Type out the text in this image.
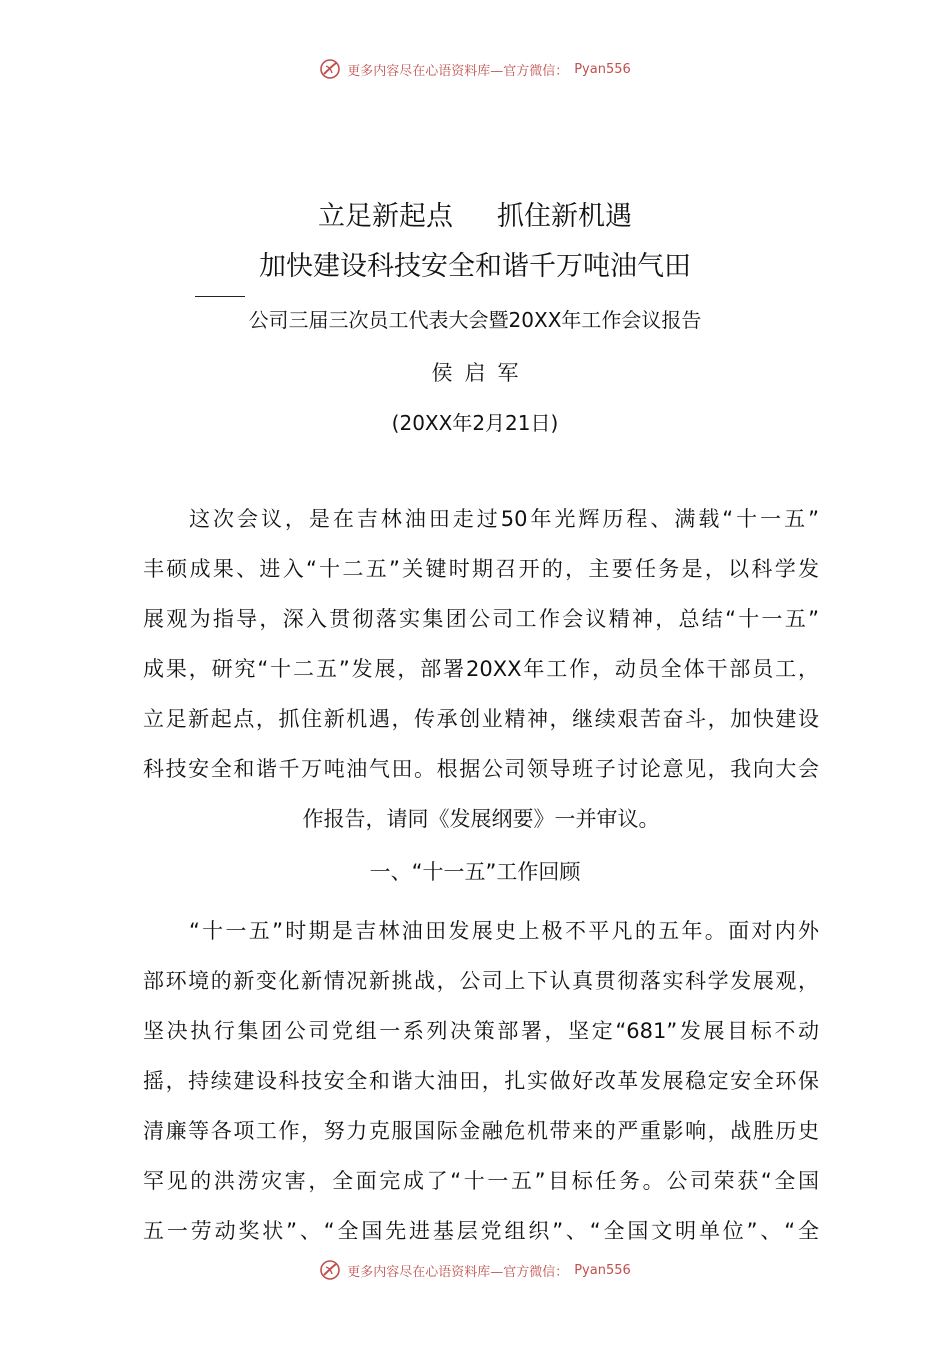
更多内容尽在心语资料库—官方微信： Pyan556
立足新起点 抓住新机遇
加快建设科技安全和谐千万吨油气田
公司三届三次员工代表大会暨20XX年工作会议报告
侯启军
(20XX年2月21日)
这次会议，是在吉林油田走过50年光辉历程、满载“十一五”
丰硕成果、进入“十二五”关键时期召开的，主要任务是，以科学发
展观为指导，深入贯彻落实集团公司工作会议精神，总结“十一五”
成果，研究“十二五”发展，部署20XX年工作，动员全体干部员工，
立足新起点，抓住新机遇，传承创业精神，继续艰苦奋斗，加快建设
科技安全和谐千万吨油气田。根据公司领导班子讨论意见，我向大会
作报告，请同《发展纲要》一并审议。
一、“十一五”工作回顾
“十一五”时期是吉林油田发展史上极不平凡的五年。面对内外
部环境的新变化新情况新挑战，公司上下认真贯彻落实科学发展观，
坚决执行集团公司党组一系列决策部署，坚定“681”发展目标不动
摇，持续建设科技安全和谐大油田，扎实做好改革发展稳定安全环保
清廉等各项工作，努力克服国际金融危机带来的严重影响，战胜历史
罕见的洪涝灾害，全面完成了“十一五”目标任务。公司荣获“全国
五一劳动奖状”、“全国先进基层党组织”、“全国文明单位”、“全
更多内容尽在心语资料库—官方微信： Pyan556
